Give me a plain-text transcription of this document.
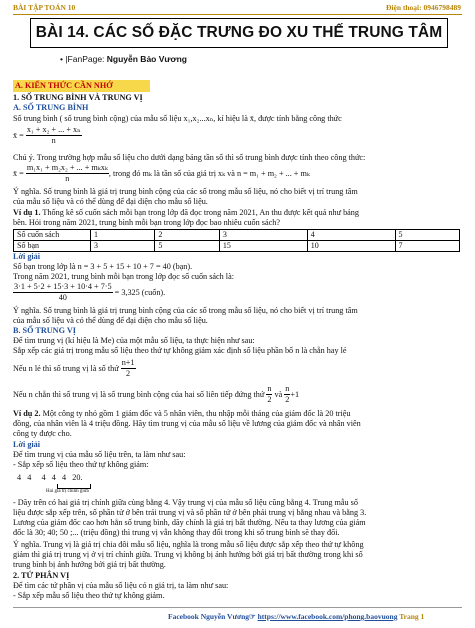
BÀI TẬP TOÁN 10	Điện thoại: 0946798489
BÀI 14. CÁC SỐ ĐẶC TRƯNG ĐO XU THẾ TRUNG TÂM
• |FanPage: Nguyễn Bảo Vương
A. KIẾN THỨC CẦN NHỚ
1. SỐ TRUNG BÌNH VÀ TRUNG VỊ
A. SỐ TRUNG BÌNH
Số trung bình ( số trung bình cộng) của mẫu số liệu x₁,x₂...xₙ, kí hiệu là x̄, được tính bằng công thức
x̄ = $\frac{\text{x₁ + x₂ + ... + xₙ}}{n}$
Chú ý. Trong trường hợp mẫu số liệu cho dưới dạng bảng tần số thì số trung bình được tính theo công thức:
x̄ = $\frac{\text{m₁x₁ + m₂x₂ + ... + mₖxₖ}}{n}$ , trong đó mₖ là tần số của giá trị xₖ và n = m₁ + m₂ + ... + mₖ
Ý nghĩa. Số trung bình là giá trị trung bình cộng của các số trong mẫu số liệu, nó cho biết vị trí trung tâm
của mẫu số liệu và có thể dùng để đại diện cho mẫu số liệu.
Ví dụ 1. Thống kê số cuốn sách mỗi bạn trong lớp đã đọc trong năm 2021, An thu được kết quả như bảng
bên. Hỏi trong năm 2021, trung bình mỗi bạn trong lớp đọc bao nhiêu cuốn sách?
Số cuốn sách	1	2	3	4	5
Số bạn	3	5	15	10	7
Lời giải
Số bạn trong lớp là n = 3 + 5 + 15 + 10 + 7 = 40 (bạn).
Trong năm 2021, trung bình mỗi bạn trong lớp đọc số cuốn sách là:
$\frac{3\cdot 1 + 5\cdot 2 + 15\cdot 3 + 10\cdot 4 + 7\cdot 5}{40} = 3,325$ (cuốn).
Ý nghĩa. Số trung bình là giá trị trung bình cộng của các số trong mẫu số liệu, nó cho biết vị trí trung tâm
của mẫu số liệu và có thể dùng để đại diện cho mẫu số liệu.
B. SỐ TRUNG VỊ
Để tìm trung vị (kí hiệu là Me) của một mẫu số liệu, ta thực hiện như sau:
Sắp xếp các giá trị trong mẫu số liệu theo thứ tự không giảm xác định số liệu phần bố n là chẵn hay lẻ
Nếu n lẻ thì số trung vị là số thứ $\frac{n+1}{2}$
Nếu n chẵn thì số trung vị là số trung bình cộng của hai số liên tiếp đứng thứ $\frac{n}{2}$ và $\frac{n}{2} +1$
Ví dụ 2. Một công ty nhỏ gồm 1 giám đốc và 5 nhân viên, thu nhập mỗi tháng của giám đốc là 20 triệu
đồng, của nhân viên là 4 triệu đồng. Hãy tìm trung vị của mẫu số liệu về lương của giám đốc và nhân viên
công ty được cho.
Lời giải
Để tìm trung vị của mẫu số liệu trên, ta làm như sau:
- Sắp xếp số liệu theo thứ tự không giảm:
4 4 4 4 4 20.
Hai giá trị chính giữa
- Dãy trên có hai giá trị chính giữa cùng bằng 4. Vậy trung vị của mẫu số liệu cũng bằng 4. Trung mẫu số
liệu được sắp xếp trên, số phần tử ở bên trái trung vị và số phần tử ở bên phải trung vị bằng nhau và bằng 3.
Lương của giám đốc cao hơn hẳn số trung bình, dãy chính là giá trị bất thường. Nếu ta thay lương của giám
đốc là 30; 40; 50 ;... (triệu đồng) thì trung vị vẫn không thay đổi trong khi số trung bình sẽ thay đổi.
Ý nghĩa. Trung vị là giá trị chia đôi mẫu số liệu, nghĩa là trong mẫu số liệu được sắp xếp theo thứ tự không
giảm thì giá trị trung vị ở vị trí chính giữa. Trung vị không bị ảnh hưởng bởi giá trị bất thường trong khi số
trung bình bị ảnh hưởng bởi giá trị bất thường.
2. TỨ PHÂN VỊ
Để tìm các tứ phân vị của mẫu số liệu có n giá trị, ta làm như sau:
- Sắp xếp mẫu số liệu theo thứ tự không giảm.
Facebook Nguyễn Vương☞ https://www.facebook.com/phong.baovuong Trang 1
